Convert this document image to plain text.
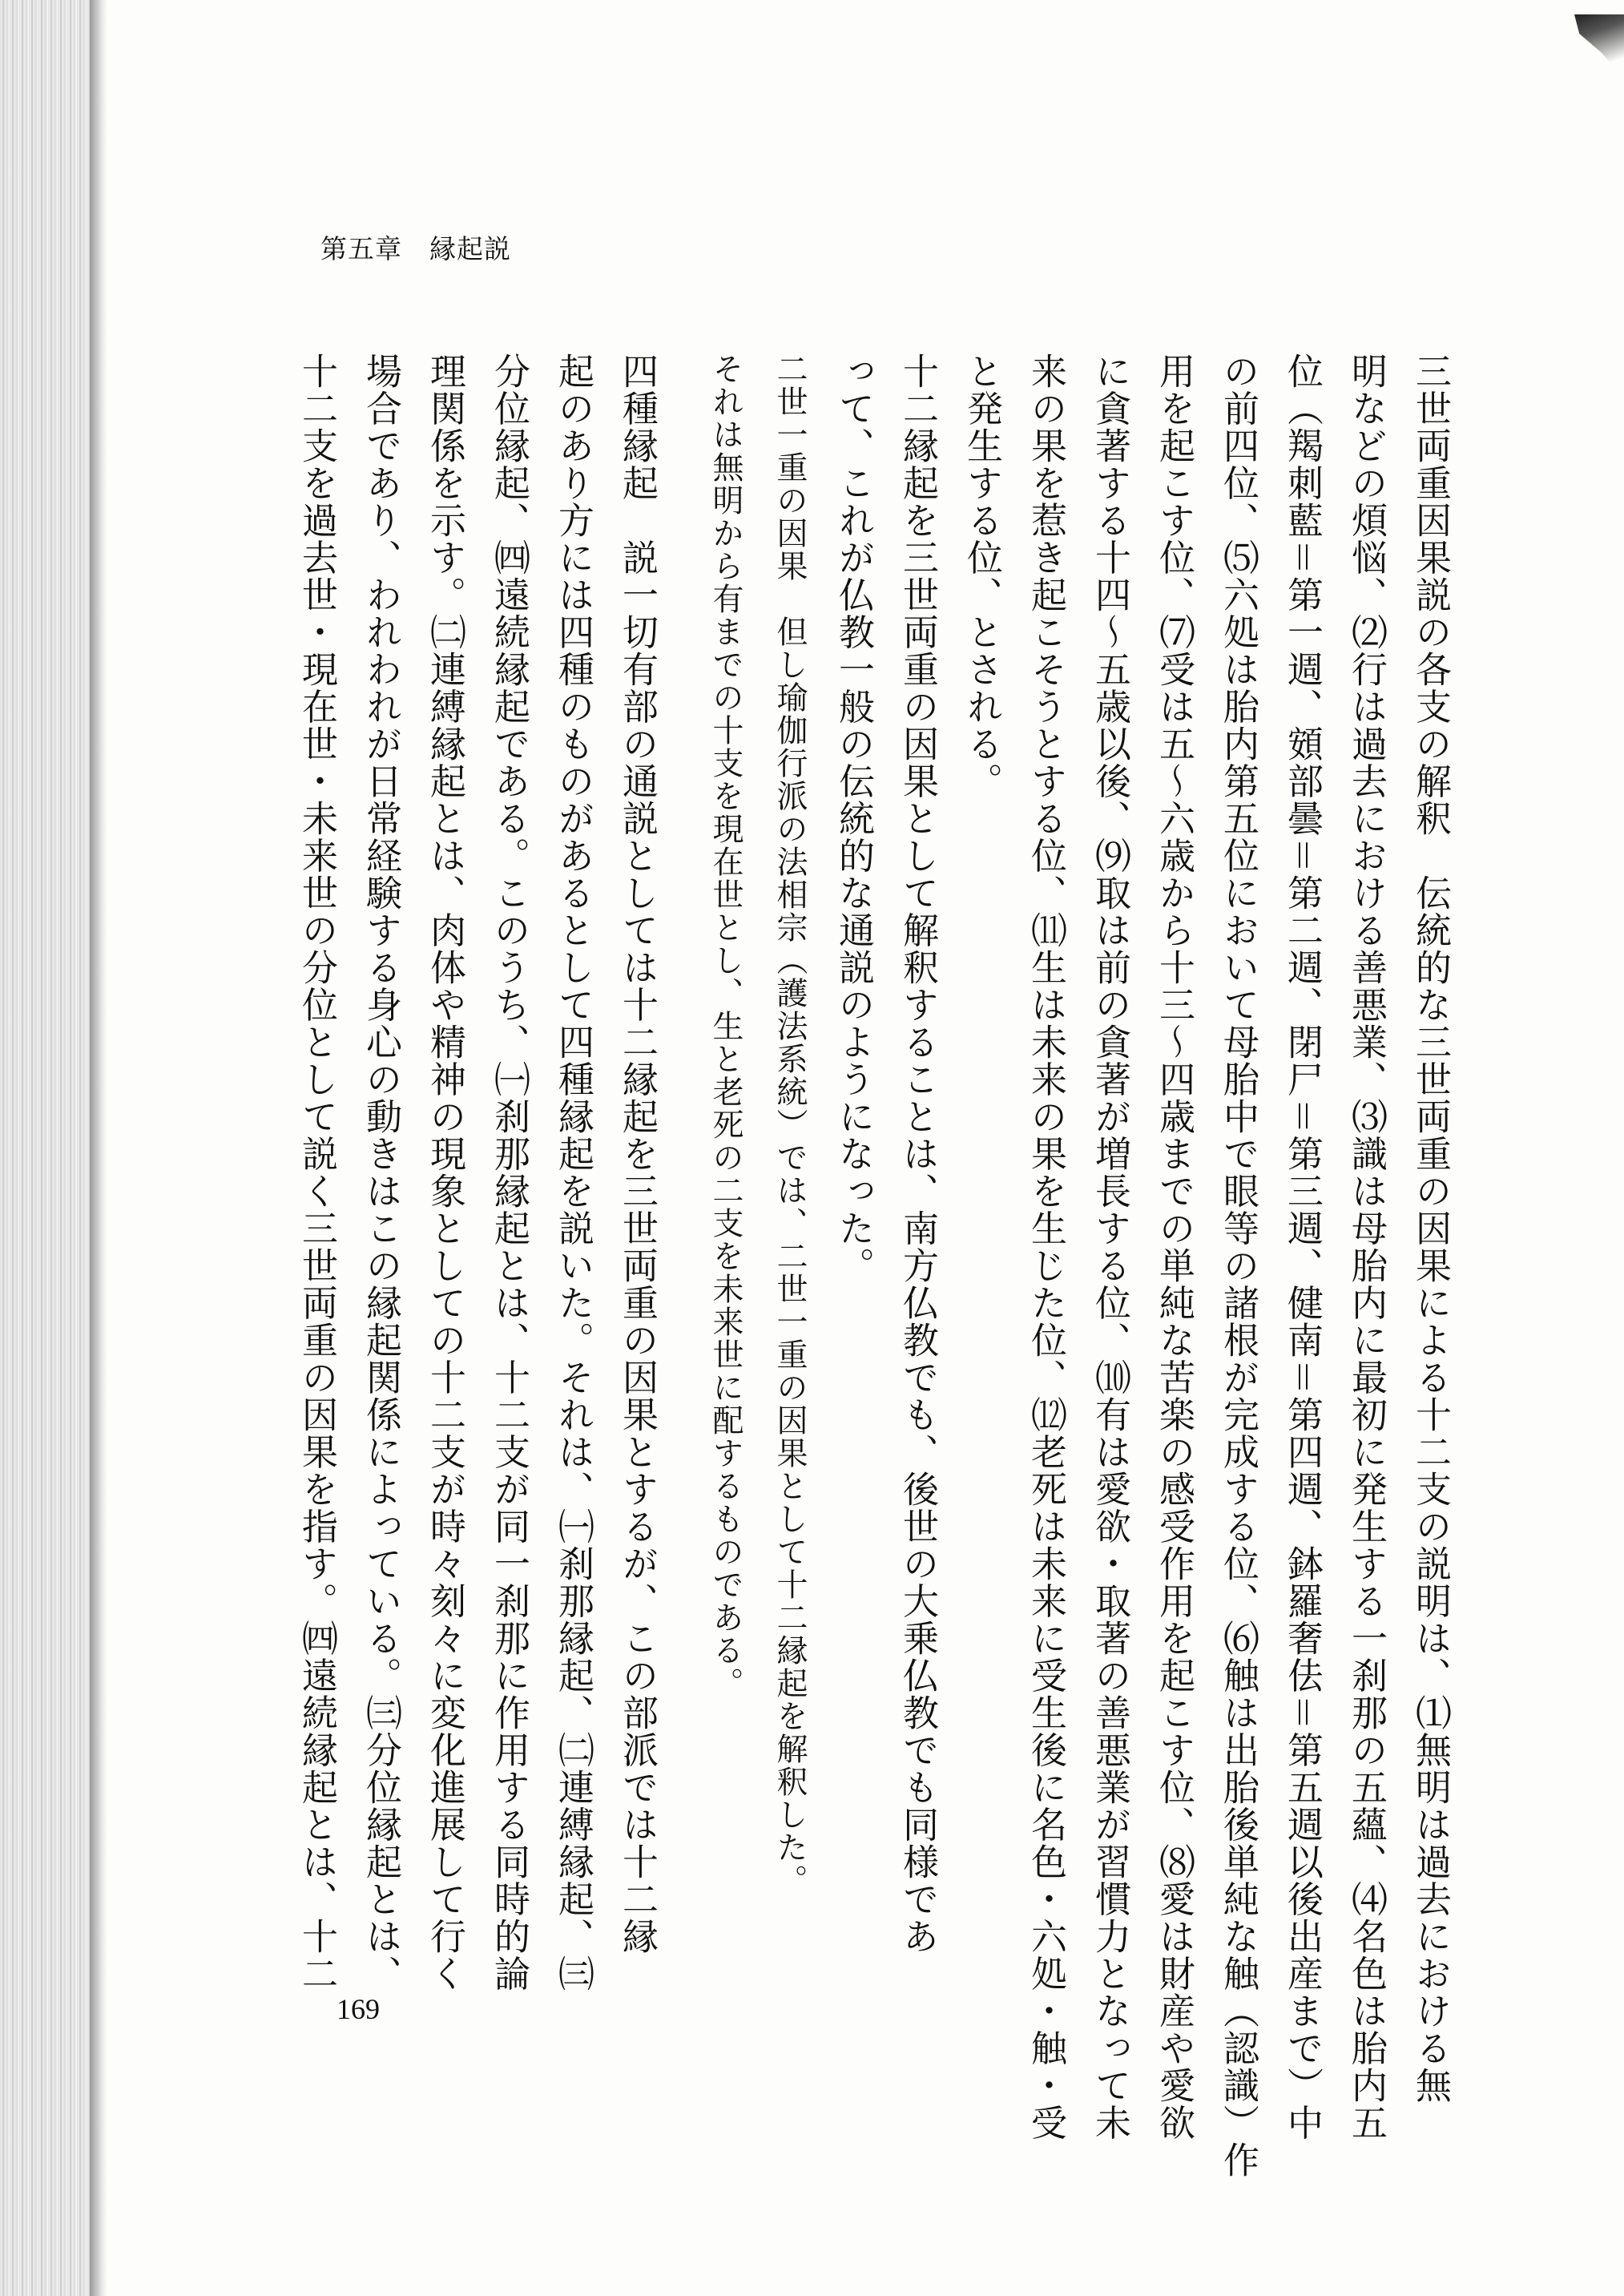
第五章　縁起説
三世両重因果説の各支の解釈　伝統的な三世両重の因果による十二支の説明は、⑴無明は過去における無
明などの煩悩、⑵行は過去における善悪業、⑶識は母胎内に最初に発生する一刹那の五蘊、⑷名色は胎内五
位（羯刺藍＝第一週、頞部曇＝第二週、閉尸＝第三週、健南＝第四週、鉢羅奢佉＝第五週以後出産まで）中
の前四位、⑸六処は胎内第五位において母胎中で眼等の諸根が完成する位、⑹触は出胎後単純な触（認識）作
用を起こす位、⑺受は五〜六歳から十三〜四歳までの単純な苦楽の感受作用を起こす位、⑻愛は財産や愛欲
に貪著する十四〜五歳以後、⑼取は前の貪著が増長する位、⑽有は愛欲・取著の善悪業が習慣力となって未
来の果を惹き起こそうとする位、⑾生は未来の果を生じた位、⑿老死は未来に受生後に名色・六処・触・受
と発生する位、とされる。
十二縁起を三世両重の因果として解釈することは、南方仏教でも、後世の大乗仏教でも同様であ
って、これが仏教一般の伝統的な通説のようになった。
二世一重の因果　但し瑜伽行派の法相宗（護法系統）では、二世一重の因果として十二縁起を解釈した。
それは無明から有までの十支を現在世とし、生と老死の二支を未来世に配するものである。
四種縁起　説一切有部の通説としては十二縁起を三世両重の因果とするが、この部派では十二縁
起のあり方には四種のものがあるとして四種縁起を説いた。それは、㈠刹那縁起、㈡連縛縁起、㈢
分位縁起、㈣遠続縁起である。このうち、㈠刹那縁起とは、十二支が同一刹那に作用する同時的論
理関係を示す。㈡連縛縁起とは、肉体や精神の現象としての十二支が時々刻々に変化進展して行く
場合であり、われわれが日常経験する身心の動きはこの縁起関係によっている。㈢分位縁起とは、
十二支を過去世・現在世・未来世の分位として説く三世両重の因果を指す。㈣遠続縁起とは、十二
169
